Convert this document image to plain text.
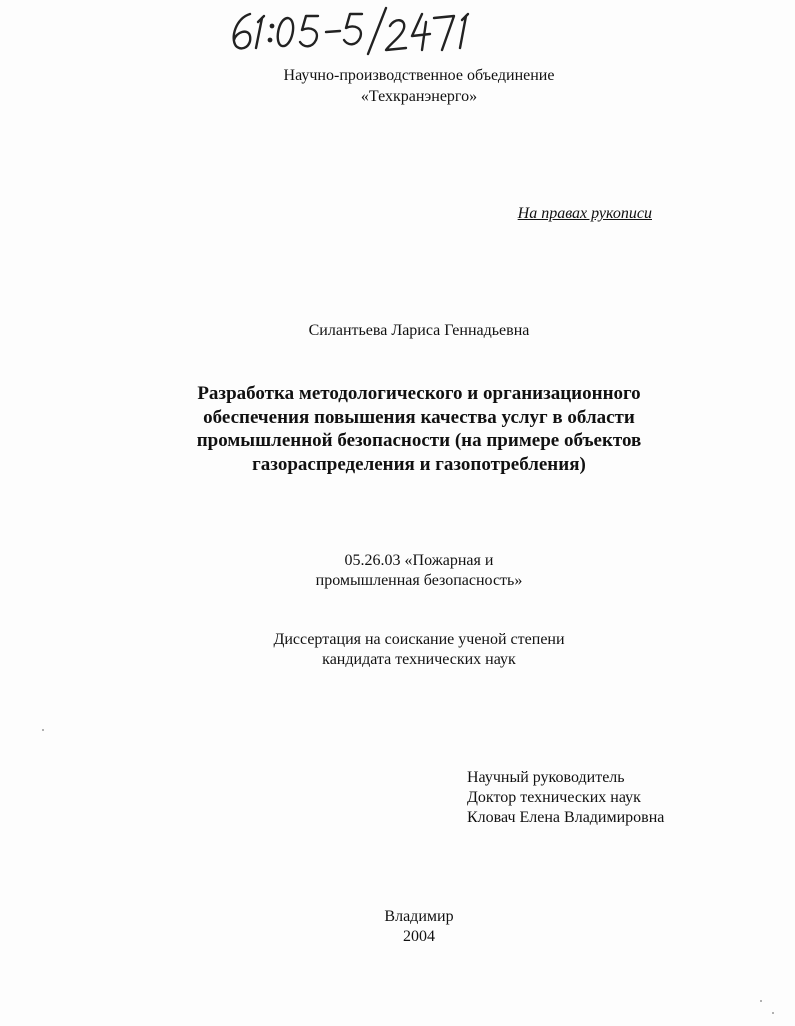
Научно-производственное объединение
«Техкранэнерго»
На правах рукописи
Силантьева Лариса Геннадьевна
Разработка методологического и организационного
обеспечения повышения качества услуг в области
промышленной безопасности (на примере объектов
газораспределения и газопотребления)
05.26.03 «Пожарная и
промышленная безопасность»
Диссертация на соискание ученой степени
кандидата технических наук
Научный руководитель
Доктор технических наук
Кловач Елена Владимировна
Владимир
2004
